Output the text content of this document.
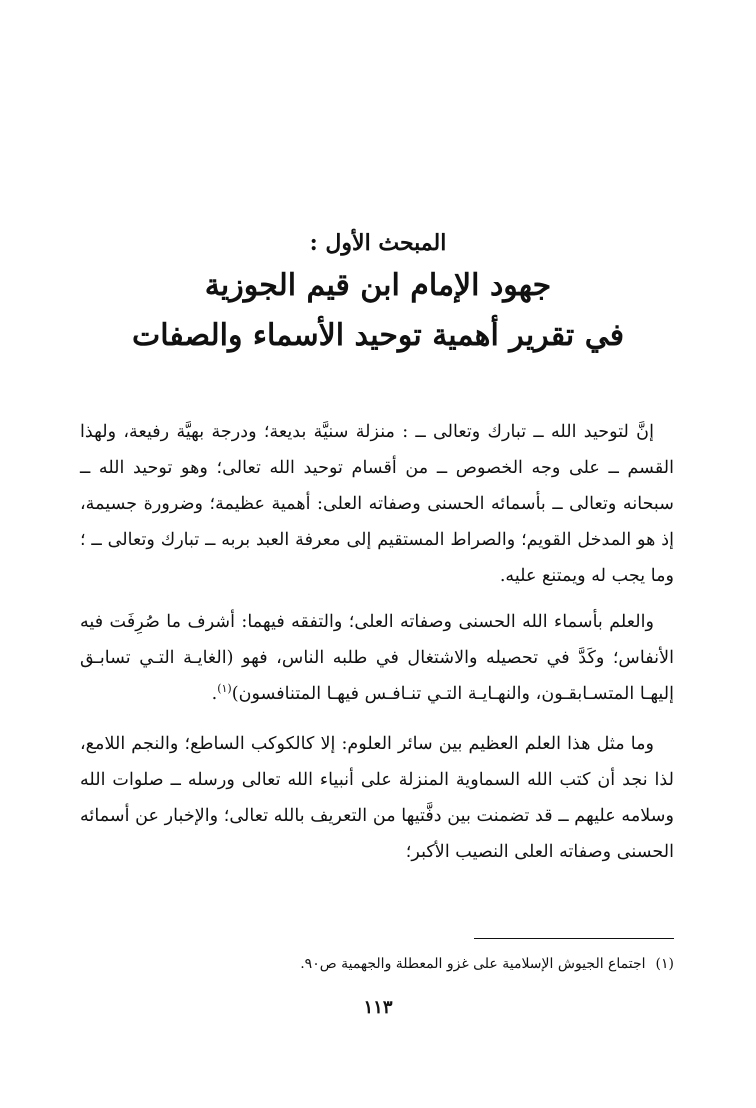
المبحث الأول :
جهود الإمام ابن قيم الجوزية
في تقرير أهمية توحيد الأسماء والصفات

إنَّ لتوحيد الله ــ تبارك وتعالى ــ : منزلة سنيَّة بديعة؛ ودرجة بهيَّة رفيعة، ولهذا القسم ــ على وجه الخصوص ــ من أقسام توحيد الله تعالى؛ وهو توحيد الله ــ سبحانه وتعالى ــ بأسمائه الحسنى وصفاته العلى: أهمية عظيمة؛ وضرورة جسيمة، إذ هو المدخل القويم؛ والصراط المستقيم إلى معرفة العبد بربه ــ تبارك وتعالى ــ ؛ وما يجب له ويمتنع عليه.

والعلم بأسماء الله الحسنى وصفاته العلى؛ والتفقه فيهما: أشرف ما صُرِفَت فيه الأنفاس؛ وكَدَّ في تحصيله والاشتغال في طلبه الناس، فهو (الغايـة التـي تسابـق إليهـا المتسـابقـون، والنهـايـة التـي تنـافـس فيهـا المتنافسون)$^{(١)}$.

وما مثل هذا العلم العظيم بين سائر العلوم: إلا كالكوكب الساطع؛ والنجم اللامع، لذا نجد أن كتب الله السماوية المنزلة على أنبياء الله تعالى ورسله ــ صلوات الله وسلامه عليهم ــ قد تضمنت بين دفَّتيها من التعريف بالله تعالى؛ والإخبار عن أسمائه الحسنى وصفاته العلى النصيب الأكبر؛

(١)اجتماع الجيوش الإسلامية على غزو المعطلة والجهمية ص٩٠.

١١٣
